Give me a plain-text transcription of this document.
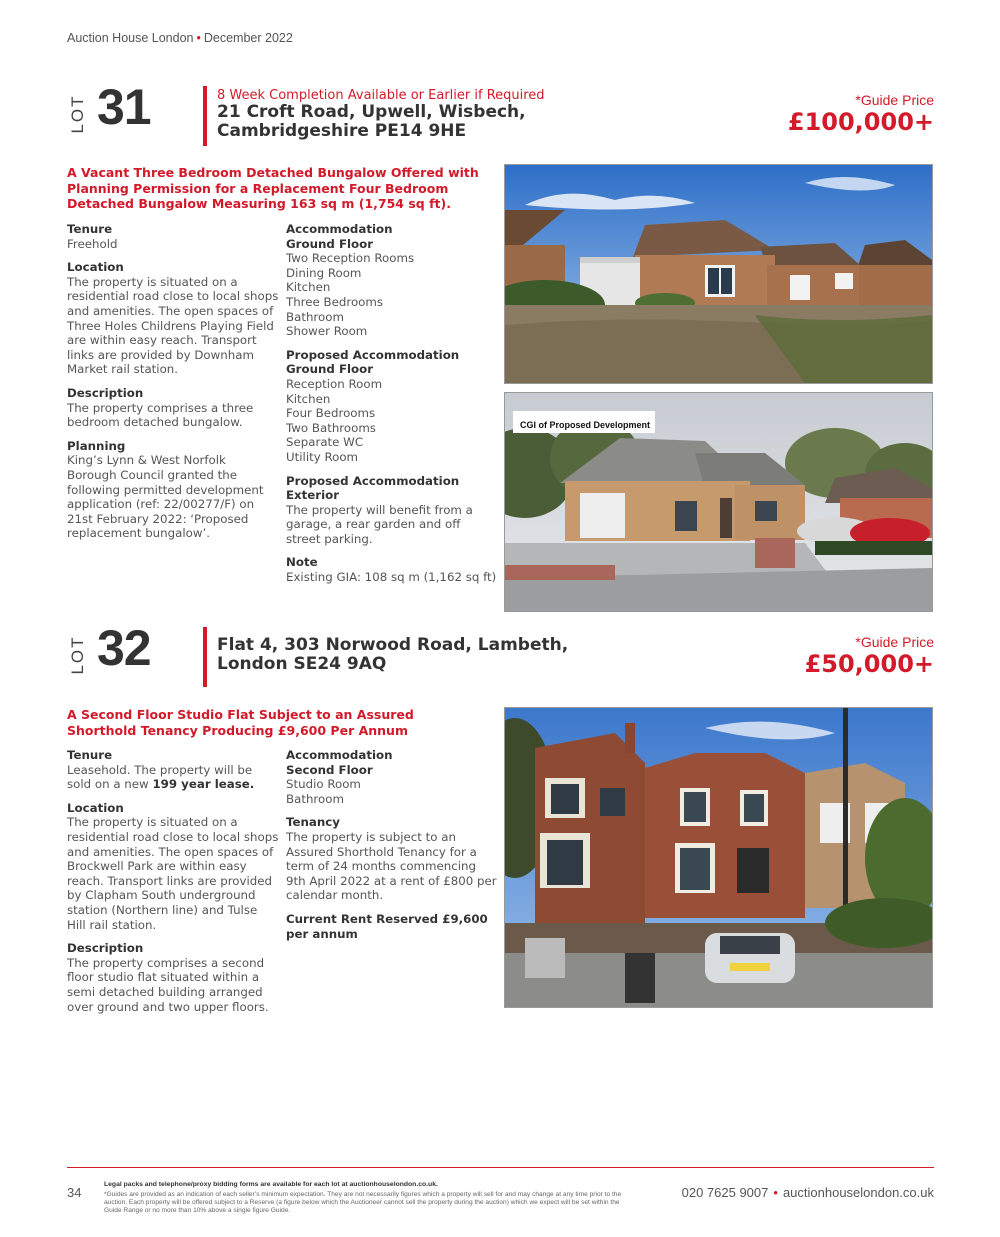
Auction House London • December 2022
LOT 31	8 Week Completion Available or Earlier if Required
21 Croft Road, Upwell, Wisbech,
Cambridgeshire PE14 9HE
*Guide Price
£100,000+
A Vacant Three Bedroom Detached Bungalow Offered with Planning Permission for a Replacement Four Bedroom Detached Bungalow Measuring 163 sq m (1,754 sq ft).
Tenure
Freehold
Location
The property is situated on a residential road close to local shops and amenities. The open spaces of Three Holes Childrens Playing Field are within easy reach. Transport links are provided by Downham Market rail station.
Description
The property comprises a three bedroom detached bungalow.
Planning
King’s Lynn & West Norfolk Borough Council granted the following permitted development application (ref: 22/00277/F) on 21st February 2022: ‘Proposed replacement bungalow’.
Accommodation
Ground Floor
Two Reception Rooms
Dining Room
Kitchen
Three Bedrooms
Bathroom
Shower Room
Proposed Accommodation
Ground Floor
Reception Room
Kitchen
Four Bedrooms
Two Bathrooms
Separate WC
Utility Room
Proposed Accommodation Exterior
The property will benefit from a garage, a rear garden and off street parking.
Note
Existing GIA: 108 sq m (1,162 sq ft)
CGI of Proposed Development
LOT 32	Flat 4, 303 Norwood Road, Lambeth,
London SE24 9AQ
*Guide Price
£50,000+
A Second Floor Studio Flat Subject to an Assured Shorthold Tenancy Producing £9,600 Per Annum
Tenure
Leasehold. The property will be sold on a new 199 year lease.
Location
The property is situated on a residential road close to local shops and amenities. The open spaces of Brockwell Park are within easy reach. Transport links are provided by Clapham South underground station (Northern line) and Tulse Hill rail station.
Description
The property comprises a second floor studio flat situated within a semi detached building arranged over ground and two upper floors.
Accommodation
Second Floor
Studio Room
Bathroom
Tenancy
The property is subject to an Assured Shorthold Tenancy for a term of 24 months commencing 9th April 2022 at a rent of £800 per calendar month.
Current Rent Reserved £9,600 per annum
34
Legal packs and telephone/proxy bidding forms are available for each lot at auctionhouselondon.co.uk.
*Guides are provided as an indication of each seller’s minimum expectation. They are not necessarily figures which a property will sell for and may change at any time prior to the auction. Each property will be offered subject to a Reserve (a figure below which the Auctioneer cannot sell the property during the auction) which we expect will be set within the Guide Range or no more than 10% above a single figure Guide.
020 7625 9007 • auctionhouselondon.co.uk
